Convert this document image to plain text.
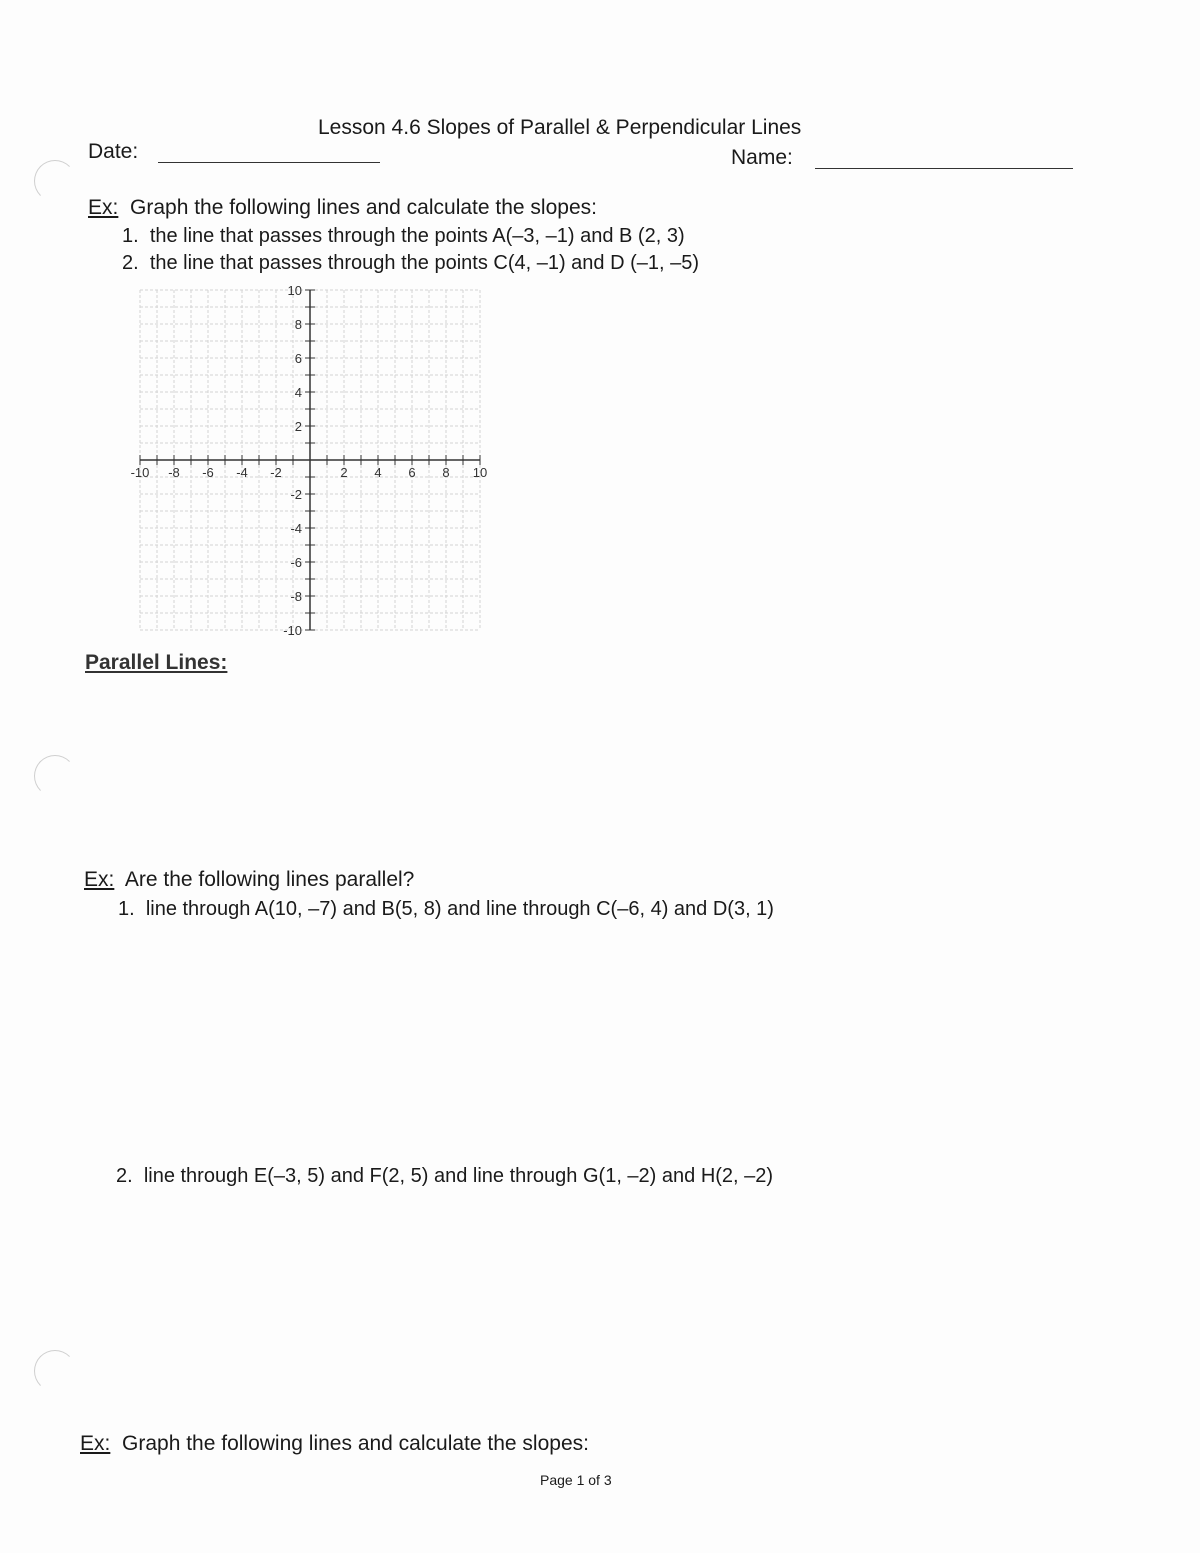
Lesson 4.6 Slopes of Parallel & Perpendicular Lines
Date:	Name:
Ex: Graph the following lines and calculate the slopes:
1. the line that passes through the points A(–3, –1) and B (2, 3)
2. the line that passes through the points C(4, –1) and D (–1, –5)
-10 -8 -6 -4 -2	2 4 6 8 10
10
8
6
4
2
-2
-4
-6
-8
-10
Parallel Lines:
Ex: Are the following lines parallel?
1. line through A(10, –7) and B(5, 8) and line through C(–6, 4) and D(3, 1)
2. line through E(–3, 5) and F(2, 5) and line through G(1, –2) and H(2, –2)
Ex: Graph the following lines and calculate the slopes:
Page 1 of 3
